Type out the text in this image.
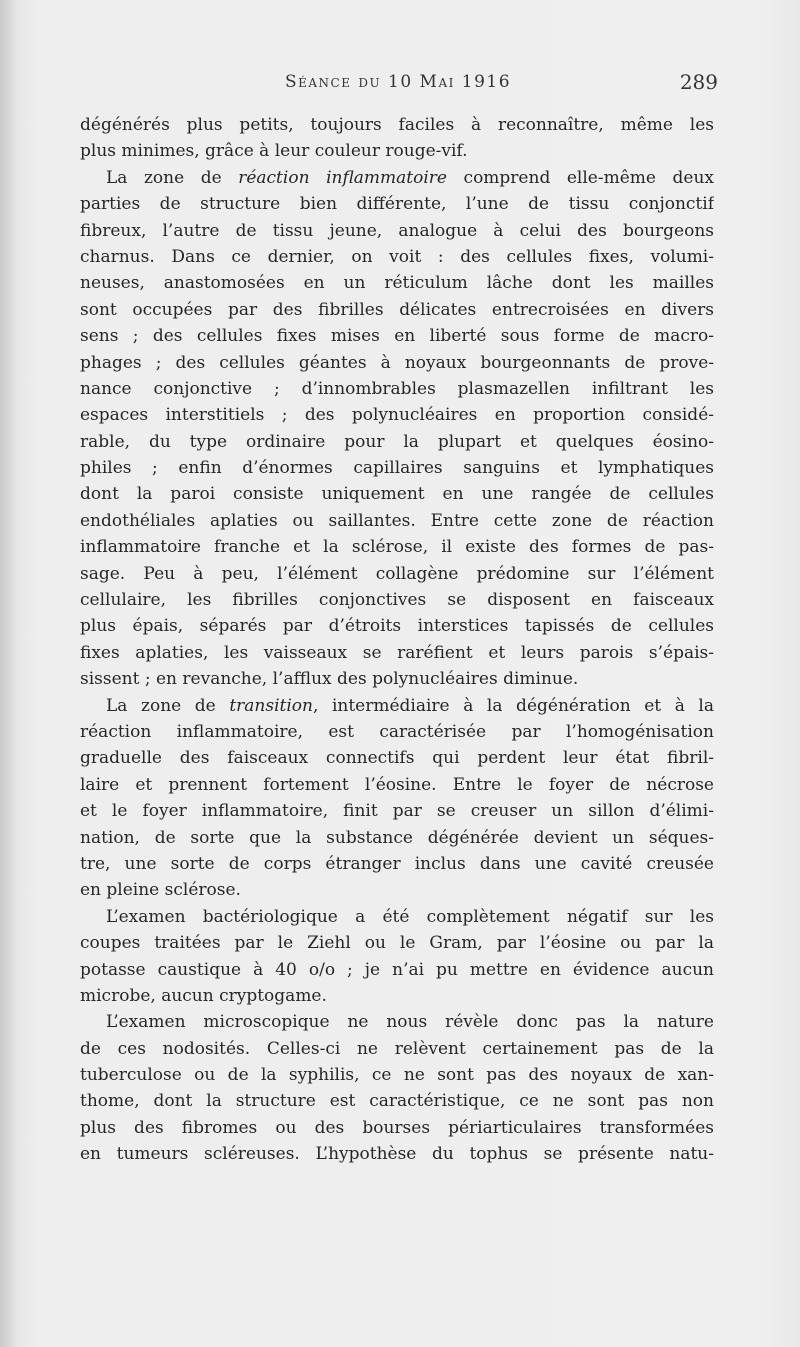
Séance du 10 Mai 1916	289
dégénérés plus petits, toujours faciles à reconnaître, même les
plus minimes, grâce à leur couleur rouge-vif.
La zone de réaction inflammatoire comprend elle-même deux
parties de structure bien différente, l’une de tissu conjonctif
fibreux, l’autre de tissu jeune, analogue à celui des bourgeons
charnus. Dans ce dernier, on voit : des cellules fixes, volumi-
neuses, anastomosées en un réticulum lâche dont les mailles
sont occupées par des fibrilles délicates entrecroisées en divers
sens ; des cellules fixes mises en liberté sous forme de macro-
phages ; des cellules géantes à noyaux bourgeonnants de prove-
nance conjonctive ; d’innombrables plasmazellen infiltrant les
espaces interstitiels ; des polynucléaires en proportion considé-
rable, du type ordinaire pour la plupart et quelques éosino-
philes ; enfin d’énormes capillaires sanguins et lymphatiques
dont la paroi consiste uniquement en une rangée de cellules
endothéliales aplaties ou saillantes. Entre cette zone de réaction
inflammatoire franche et la sclérose, il existe des formes de pas-
sage. Peu à peu, l’élément collagène prédomine sur l’élément
cellulaire, les fibrilles conjonctives se disposent en faisceaux
plus épais, séparés par d’étroits interstices tapissés de cellules
fixes aplaties, les vaisseaux se raréfient et leurs parois s’épais-
sissent ; en revanche, l’afflux des polynucléaires diminue.
La zone de transition, intermédiaire à la dégénération et à la
réaction inflammatoire, est caractérisée par l’homogénisation
graduelle des faisceaux connectifs qui perdent leur état fibril-
laire et prennent fortement l’éosine. Entre le foyer de nécrose
et le foyer inflammatoire, finit par se creuser un sillon d’élimi-
nation, de sorte que la substance dégénérée devient un séques-
tre, une sorte de corps étranger inclus dans une cavité creusée
en pleine sclérose.
L’examen bactériologique a été complètement négatif sur les
coupes traitées par le Ziehl ou le Gram, par l’éosine ou par la
potasse caustique à 40 o/o ; je n’ai pu mettre en évidence aucun
microbe, aucun cryptogame.
L’examen microscopique ne nous révèle donc pas la nature
de ces nodosités. Celles-ci ne relèvent certainement pas de la
tuberculose ou de la syphilis, ce ne sont pas des noyaux de xan-
thome, dont la structure est caractéristique, ce ne sont pas non
plus des fibromes ou des bourses périarticulaires transformées
en tumeurs scléreuses. L’hypothèse du tophus se présente natu-
